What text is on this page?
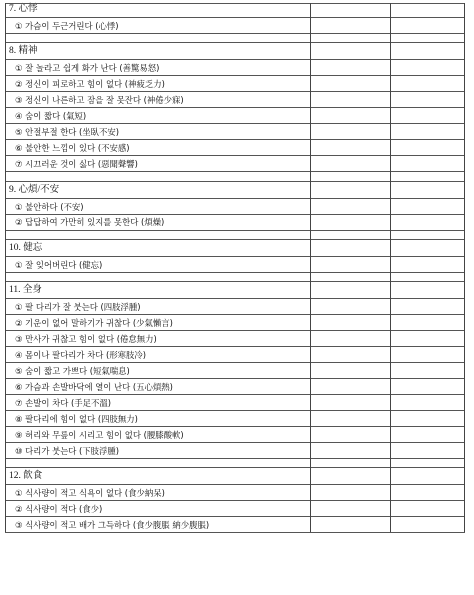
7. 心悸
① 가슴이 두근거린다 (心悸)
8. 精神
① 잘 놀라고 쉽게 화가 난다 (善驚易怒)
② 정신이 피로하고 힘이 없다 (神疲乏力)
③ 정신이 나른하고 잠을 잘 못잔다 (神倦少寐)
④ 숨이 짧다 (氣短)
⑤ 안절부절 한다 (坐臥不安)
⑥ 불안한 느낌이 있다 (不安感)
⑦ 시끄러운 것이 싫다 (惡聞聲響)
9. 心煩/不安
① 불안하다 (不安)
② 답답하여 가만히 있지를 못한다 (煩燥)
10. 健忘
① 잘 잊어버린다 (健忘)
11. 全身
① 팔 다리가 잘 붓는다 (四肢浮腫)
② 기운이 없어 말하기가 귀찮다 (少氣懶言)
③ 만사가 귀찮고 힘이 없다 (倦怠無力)
④ 몸이나 팔다리가 차다 (形寒肢冷)
⑤ 숨이 짧고 가쁘다 (短氣喘息)
⑥ 가슴과 손발바닥에 열이 난다 (五心煩熱)
⑦ 손발이 차다 (手足不溫)
⑧ 팔다리에 힘이 없다 (四肢無力)
⑨ 허리와 무릎이 시리고 힘이 없다 (腰膝酸軟)
⑩ 다리가 붓는다 (下肢浮腫)
12. 飮食
① 식사량이 적고 식욕이 없다 (食少納呆)
② 식사량이 적다 (食少)
③ 식사량이 적고 배가 그득하다 (食少腹脹 納少腹脹)
